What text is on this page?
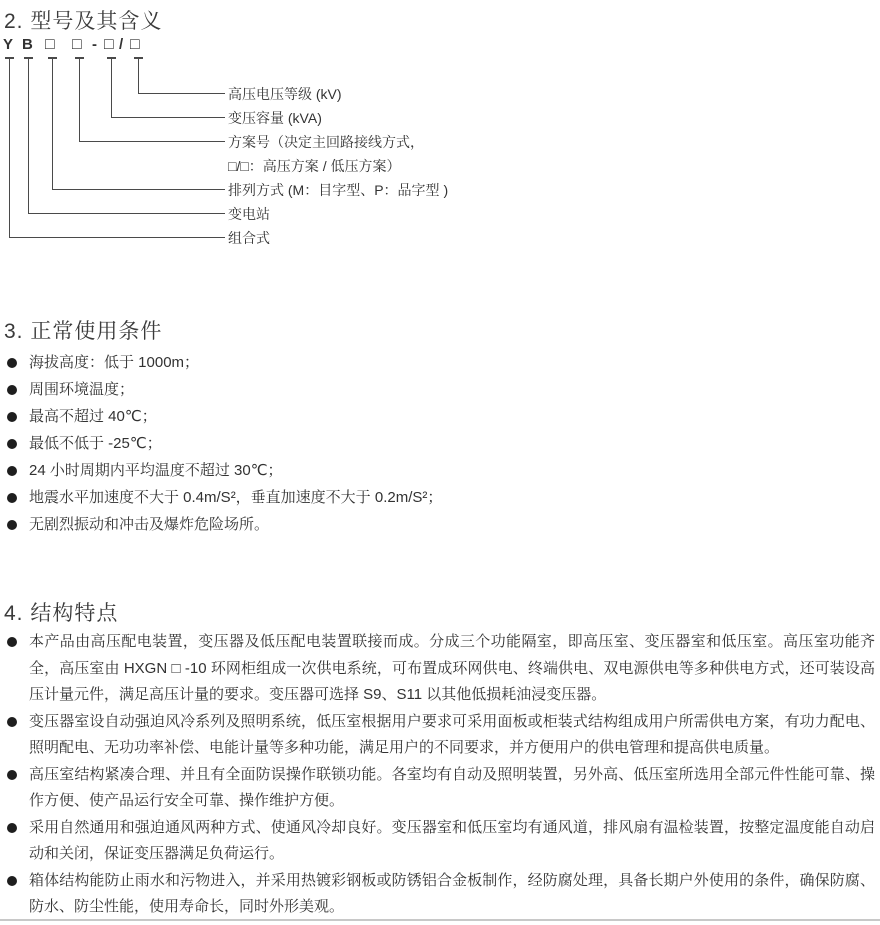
2. 型号及其含义
Y B □ □ - □ / □
高压电压等级 (kV)
变压容量 (kVA)
方案号（决定主回路接线方式，
□/□：高压方案 / 低压方案）
排列方式 (M：目字型、P：品字型 )
变电站
组合式
3. 正常使用条件
海拔高度：低于 1000m；
周围环境温度；
最高不超过 40℃；
最低不低于 -25℃；
24 小时周期内平均温度不超过 30℃；
地震水平加速度不大于 0.4m/S²，垂直加速度不大于 0.2m/S²；
无剧烈振动和冲击及爆炸危险场所。
4. 结构特点
本产品由高压配电装置，变压器及低压配电装置联接而成。分成三个功能隔室，即高压室、变压器室和低压室。高压室功能齐全，高压室由 HXGN □ -10 环网柜组成一次供电系统，可布置成环网供电、终端供电、双电源供电等多种供电方式，还可装设高压计量元件，满足高压计量的要求。变压器可选择 S9、S11 以其他低损耗油浸变压器。
变压器室设自动强迫风冷系列及照明系统，低压室根据用户要求可采用面板或柜装式结构组成用户所需供电方案，有功力配电、照明配电、无功功率补偿、电能计量等多种功能，满足用户的不同要求，并方便用户的供电管理和提高供电质量。
高压室结构紧凑合理、并且有全面防误操作联锁功能。各室均有自动及照明装置，另外高、低压室所选用全部元件性能可靠、操作方便、使产品运行安全可靠、操作维护方便。
采用自然通用和强迫通风两种方式、使通风冷却良好。变压器室和低压室均有通风道，排风扇有温检装置，按整定温度能自动启动和关闭，保证变压器满足负荷运行。
箱体结构能防止雨水和污物进入，并采用热镀彩钢板或防锈铝合金板制作，经防腐处理，具备长期户外使用的条件，确保防腐、防水、防尘性能，使用寿命长，同时外形美观。
